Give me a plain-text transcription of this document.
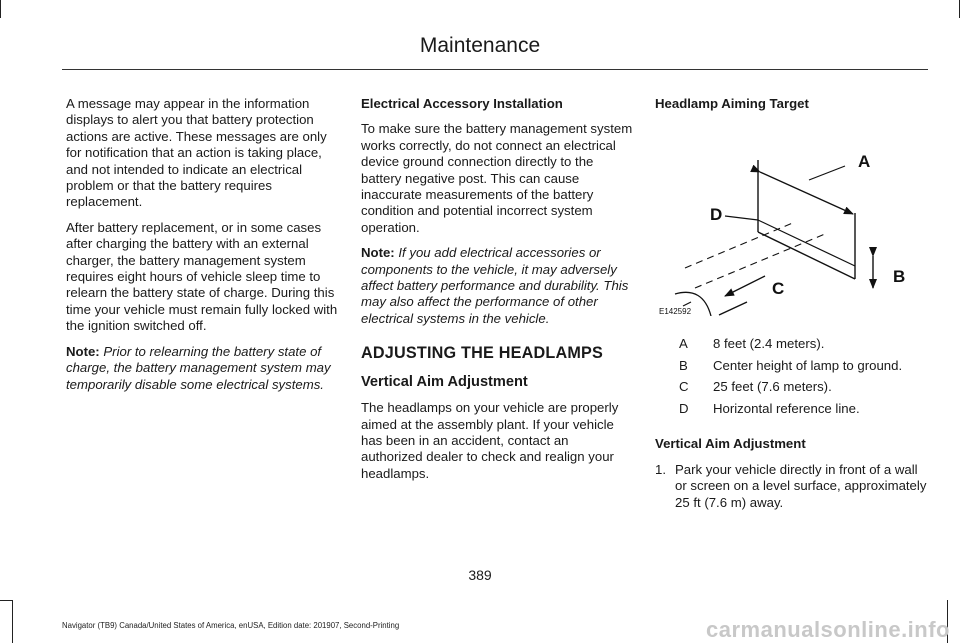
Maintenance

A message may appear in the information displays to alert you that battery protection actions are active. These messages are only for notification that an action is taking place, and not intended to indicate an electrical problem or that the battery requires replacement.

After battery replacement, or in some cases after charging the battery with an external charger, the battery management system requires eight hours of vehicle sleep time to relearn the battery state of charge. During this time your vehicle must remain fully locked with the ignition switched off.

Note: Prior to relearning the battery state of charge, the battery management system may temporarily disable some electrical systems.

Electrical Accessory Installation

To make sure the battery management system works correctly, do not connect an electrical device ground connection directly to the battery negative post. This can cause inaccurate measurements of the battery condition and potential incorrect system operation.

Note: If you add electrical accessories or components to the vehicle, it may adversely affect battery performance and durability. This may also affect the performance of other electrical systems in the vehicle.

ADJUSTING THE HEADLAMPS
Vertical Aim Adjustment

The headlamps on your vehicle are properly aimed at the assembly plant. If your vehicle has been in an accident, contact an authorized dealer to check and realign your headlamps.

Headlamp Aiming Target

A
D
B
C
E142592
A	8 feet (2.4 meters).
B	Center height of lamp to ground.
C	25 feet (7.6 meters).
D	Horizontal reference line.

Vertical Aim Adjustment

1. Park your vehicle directly in front of a wall or screen on a level surface, approximately 25 ft (7.6 m) away.
389
Navigator (TB9) Canada/United States of America, enUSA, Edition date: 201907, Second-Printing	carmanualsonline.info
